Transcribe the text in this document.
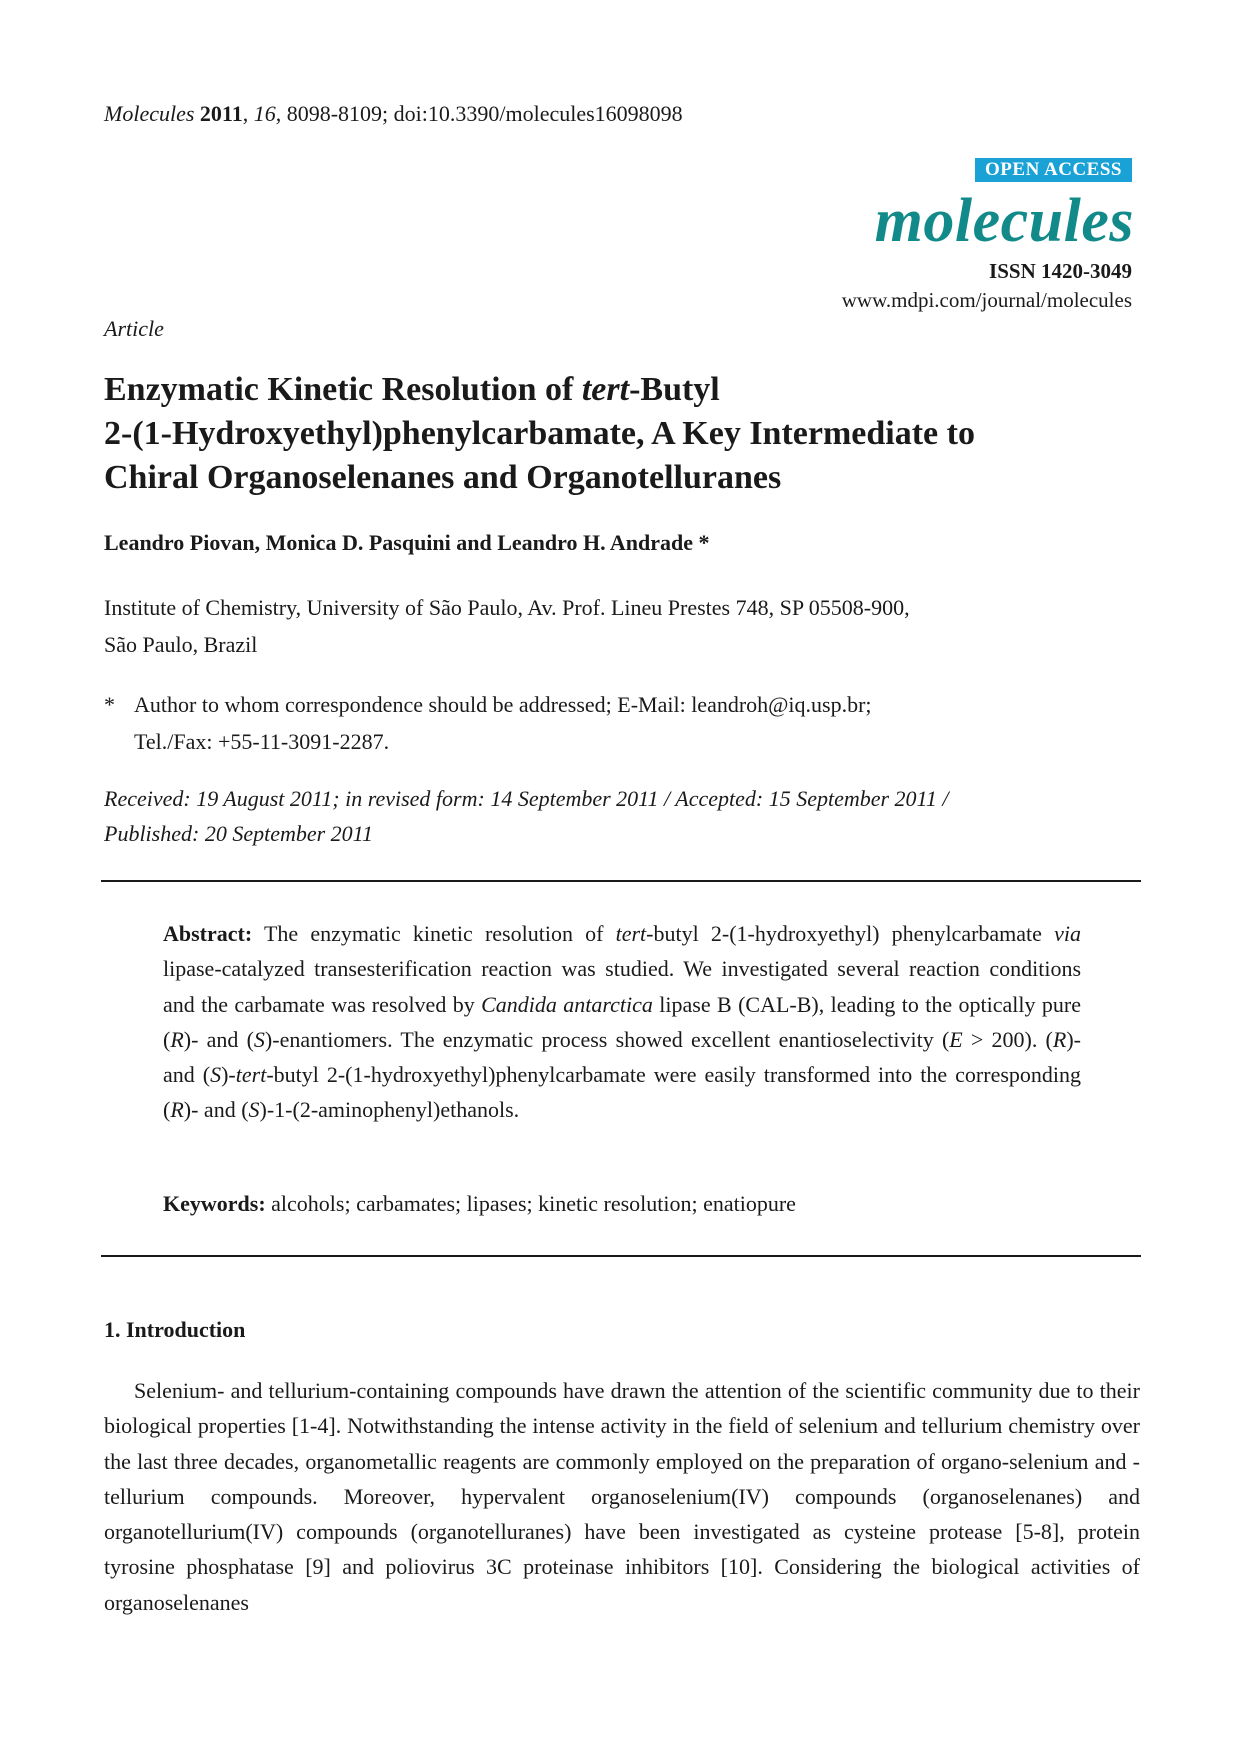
Molecules 2011, 16, 8098-8109; doi:10.3390/molecules16098098
OPEN ACCESS
molecules
ISSN 1420-3049
www.mdpi.com/journal/molecules
Article
Enzymatic Kinetic Resolution of tert-Butyl
2-(1-Hydroxyethyl)phenylcarbamate, A Key Intermediate to
Chiral Organoselenanes and Organotelluranes
Leandro Piovan, Monica D. Pasquini and Leandro H. Andrade *
Institute of Chemistry, University of São Paulo, Av. Prof. Lineu Prestes 748, SP 05508-900,
São Paulo, Brazil
* Author to whom correspondence should be addressed; E-Mail: leandroh@iq.usp.br;
Tel./Fax: +55-11-3091-2287.
Received: 19 August 2011; in revised form: 14 September 2011 / Accepted: 15 September 2011 /
Published: 20 September 2011
Abstract: The enzymatic kinetic resolution of tert-butyl 2-(1-hydroxyethyl) phenylcarbamate via lipase-catalyzed transesterification reaction was studied. We investigated several reaction conditions and the carbamate was resolved by Candida antarctica lipase B (CAL-B), leading to the optically pure (R)- and (S)-enantiomers. The enzymatic process showed excellent enantioselectivity (E > 200). (R)- and (S)-tert-butyl 2-(1-hydroxyethyl)phenylcarbamate were easily transformed into the corresponding (R)- and (S)-1-(2-aminophenyl)ethanols.
Keywords: alcohols; carbamates; lipases; kinetic resolution; enatiopure
1. Introduction
Selenium- and tellurium-containing compounds have drawn the attention of the scientific community due to their biological properties [1-4]. Notwithstanding the intense activity in the field of selenium and tellurium chemistry over the last three decades, organometallic reagents are commonly employed on the preparation of organo-selenium and -tellurium compounds. Moreover, hypervalent organoselenium(IV) compounds (organoselenanes) and organotellurium(IV) compounds (organotelluranes) have been investigated as cysteine protease [5-8], protein tyrosine phosphatase [9] and poliovirus 3C proteinase inhibitors [10]. Considering the biological activities of organoselenanes
